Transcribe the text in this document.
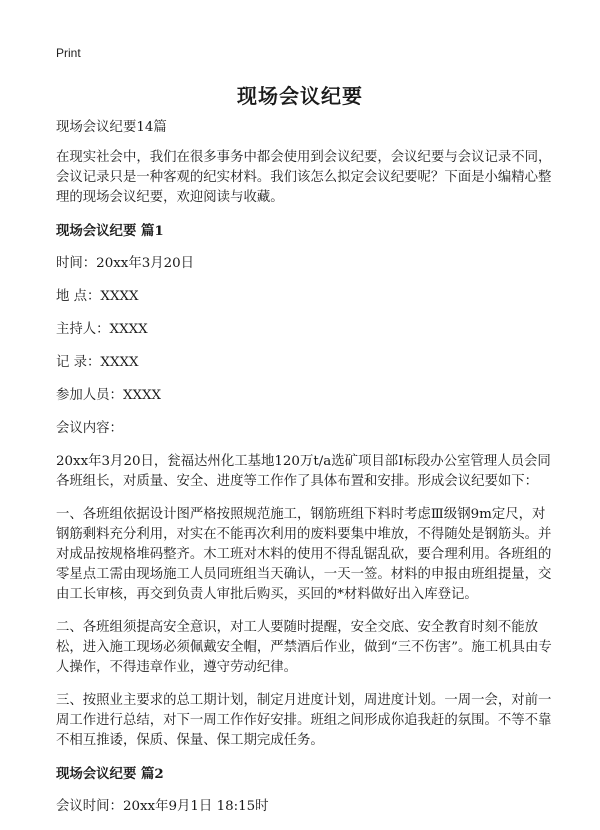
Print
现场会议纪要

现场会议纪要14篇

在现实社会中，我们在很多事务中都会使用到会议纪要，会议纪要与会议记录不同，会议记录只是一种客观的纪实材料。我们该怎么拟定会议纪要呢？下面是小编精心整理的现场会议纪要，欢迎阅读与收藏。

现场会议纪要 篇1

时间：20xx年3月20日

地 点：XXXX

主持人：XXXX

记 录：XXXX

参加人员：XXXX

会议内容：

20xx年3月20日，瓮福达州化工基地120万t/a选矿项目部Ⅰ标段办公室管理人员会同各班组长，对质量、安全、进度等工作作了具体布置和安排。形成会议纪要如下：

一、各班组依据设计图严格按照规范施工，钢筋班组下料时考虑Ⅲ级钢9m定尺，对钢筋剩料充分利用，对实在不能再次利用的废料要集中堆放，不得随处是钢筋头。并对成品按规格堆码整齐。木工班对木料的使用不得乱锯乱砍，要合理利用。各班组的零星点工需由现场施工人员同班组当天确认，一天一签。材料的申报由班组提量，交由工长审核，再交到负责人审批后购买，买回的*材料做好出入库登记。

二、各班组须提高安全意识，对工人要随时提醒，安全交底、安全教育时刻不能放松，进入施工现场必须佩戴安全帽，严禁酒后作业，做到“三不伤害”。施工机具由专人操作，不得违章作业，遵守劳动纪律。

三、按照业主要求的总工期计划，制定月进度计划，周进度计划。一周一会，对前一周工作进行总结，对下一周工作作好安排。班组之间形成你追我赶的氛围。不等不靠不相互推诿，保质、保量、保工期完成任务。

现场会议纪要 篇2

会议时间：20xx年9月1日 18:15时
